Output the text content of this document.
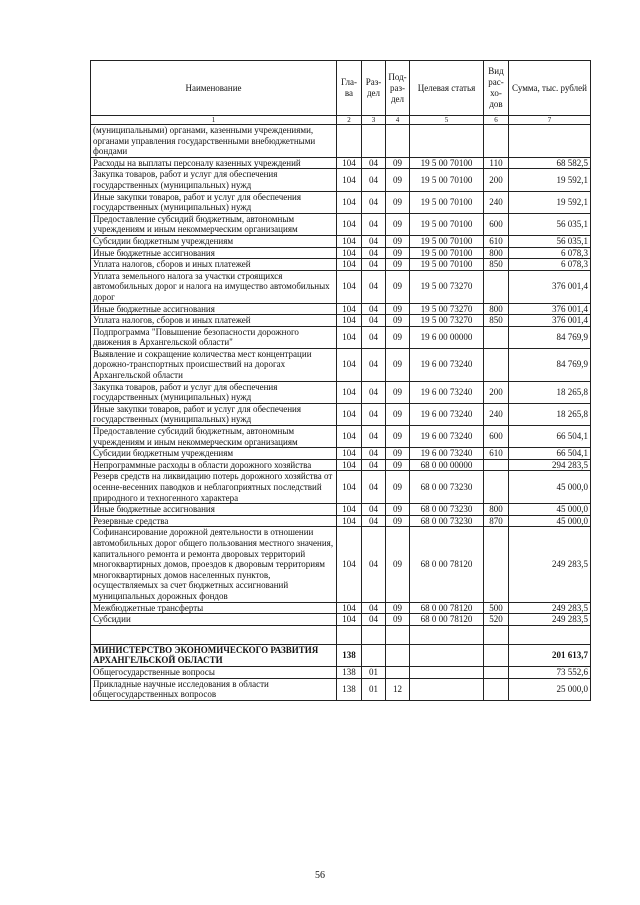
Наименование	Гла-ва	Раз-дел	Под-раз-дел	Целевая статья	Вид рас-хо-дов	Сумма, тыс. рублей
1	2	3	4	5	6	7
(муниципальными) органами, казенными учреждениями, органами управления государственными внебюджетными фондами						
Расходы на выплаты персоналу казенных учреждений	104	04	09	19 5 00 70100	110	68 582,5
Закупка товаров, работ и услуг для обеспечения государственных (муниципальных) нужд	104	04	09	19 5 00 70100	200	19 592,1
Иные закупки товаров, работ и услуг для обеспечения государственных (муниципальных) нужд	104	04	09	19 5 00 70100	240	19 592,1
Предоставление субсидий бюджетным, автономным учреждениям и иным некоммерческим организациям	104	04	09	19 5 00 70100	600	56 035,1
Субсидии бюджетным учреждениям	104	04	09	19 5 00 70100	610	56 035,1
Иные бюджетные ассигнования	104	04	09	19 5 00 70100	800	6 078,3
Уплата налогов, сборов и иных платежей	104	04	09	19 5 00 70100	850	6 078,3
Уплата земельного налога за участки строящихся автомобильных дорог и налога на имущество автомобильных дорог	104	04	09	19 5 00 73270		376 001,4
Иные бюджетные ассигнования	104	04	09	19 5 00 73270	800	376 001,4
Уплата налогов, сборов и иных платежей	104	04	09	19 5 00 73270	850	376 001,4
Подпрограмма "Повышение безопасности дорожного движения в Архангельской области"	104	04	09	19 6 00 00000		84 769,9
Выявление и сокращение количества мест концентрации дорожно-транспортных происшествий на дорогах Архангельской области	104	04	09	19 6 00 73240		84 769,9
Закупка товаров, работ и услуг для обеспечения государственных (муниципальных) нужд	104	04	09	19 6 00 73240	200	18 265,8
Иные закупки товаров, работ и услуг для обеспечения государственных (муниципальных) нужд	104	04	09	19 6 00 73240	240	18 265,8
Предоставление субсидий бюджетным, автономным учреждениям и иным некоммерческим организациям	104	04	09	19 6 00 73240	600	66 504,1
Субсидии бюджетным учреждениям	104	04	09	19 6 00 73240	610	66 504,1
Непрограммные расходы в области дорожного хозяйства	104	04	09	68 0 00 00000		294 283,5
Резерв средств на ликвидацию потерь дорожного хозяйства от осенне-весенних паводков и неблагоприятных последствий природного и техногенного характера	104	04	09	68 0 00 73230		45 000,0
Иные бюджетные ассигнования	104	04	09	68 0 00 73230	800	45 000,0
Резервные средства	104	04	09	68 0 00 73230	870	45 000,0
Софинансирование дорожной деятельности в отношении автомобильных дорог общего пользования местного значения, капитального ремонта и ремонта дворовых территорий многоквартирных домов, проездов к дворовым территориям многоквартирных домов населенных пунктов, осуществляемых за счет бюджетных ассигнований муниципальных дорожных фондов	104	04	09	68 0 00 78120		249 283,5
Межбюджетные трансферты	104	04	09	68 0 00 78120	500	249 283,5
Субсидии	104	04	09	68 0 00 78120	520	249 283,5

МИНИСТЕРСТВО ЭКОНОМИЧЕСКОГО РАЗВИТИЯ АРХАНГЕЛЬСКОЙ ОБЛАСТИ	138					201 613,7
Общегосударственные вопросы	138	01				73 552,6
Прикладные научные исследования в области общегосударственных вопросов	138	01	12			25 000,0
56
